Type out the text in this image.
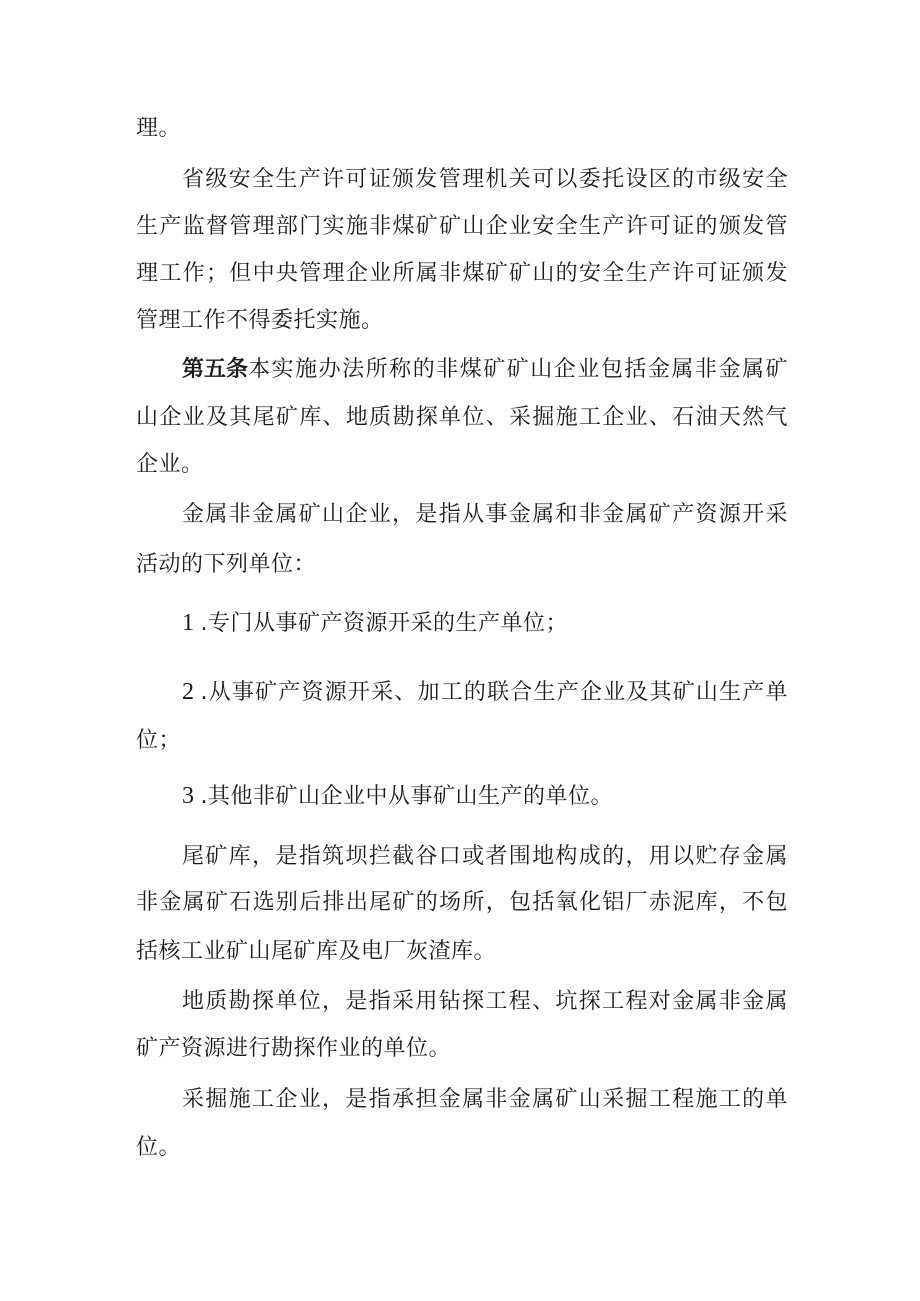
理。
省级安全生产许可证颁发管理机关可以委托设区的市级安全
生产监督管理部门实施非煤矿矿山企业安全生产许可证的颁发管
理工作；但中央管理企业所属非煤矿矿山的安全生产许可证颁发
管理工作不得委托实施。
第五条本实施办法所称的非煤矿矿山企业包括金属非金属矿
山企业及其尾矿库、地质勘探单位、采掘施工企业、石油天然气
企业。
金属非金属矿山企业，是指从事金属和非金属矿产资源开采
活动的下列单位：
1 .专门从事矿产资源开采的生产单位；
2 .从事矿产资源开采、加工的联合生产企业及其矿山生产单
位；
3 .其他非矿山企业中从事矿山生产的单位。
尾矿库，是指筑坝拦截谷口或者围地构成的，用以贮存金属
非金属矿石选别后排出尾矿的场所，包括氧化铝厂赤泥库，不包
括核工业矿山尾矿库及电厂灰渣库。
地质勘探单位，是指采用钻探工程、坑探工程对金属非金属
矿产资源进行勘探作业的单位。
采掘施工企业，是指承担金属非金属矿山采掘工程施工的单
位。
